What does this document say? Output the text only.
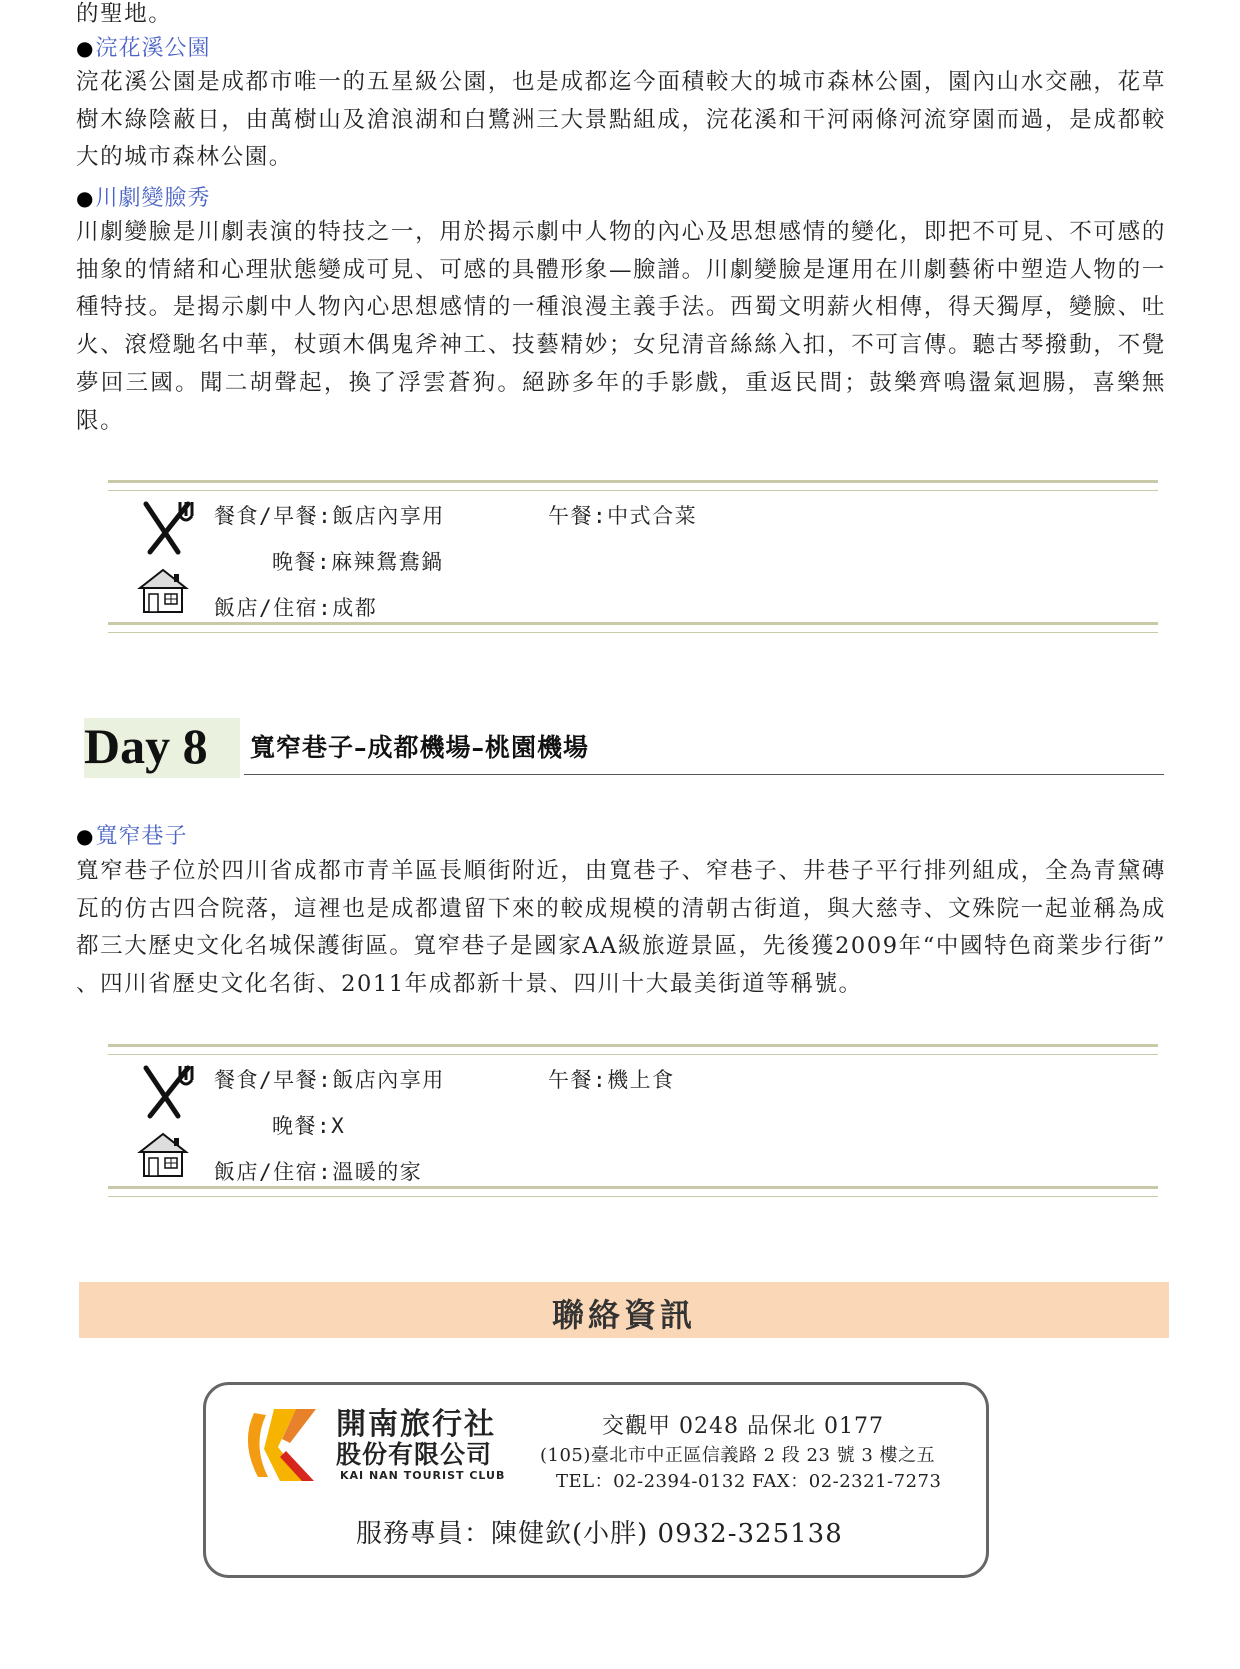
的聖地。
●浣花溪公園

浣花溪公園是成都市唯一的五星級公園，也是成都迄今面積較大的城市森林公園，園內山水交融，花草樹木綠陰蔽日，由萬樹山及滄浪湖和白鷺洲三大景點組成，浣花溪和干河兩條河流穿園而過，是成都較大的城市森林公園。

●川劇變臉秀

川劇變臉是川劇表演的特技之一，用於揭示劇中人物的內心及思想感情的變化，即把不可見、不可感的抽象的情緒和心理狀態變成可見、可感的具體形象—臉譜。川劇變臉是運用在川劇藝術中塑造人物的一種特技。是揭示劇中人物內心思想感情的一種浪漫主義手法。西蜀文明薪火相傳，得天獨厚，變臉、吐火、滾燈馳名中華，杖頭木偶鬼斧神工、技藝精妙；女兒清音絲絲入扣，不可言傳。聽古琴撥動，不覺夢回三國。聞二胡聲起，換了浮雲蒼狗。絕跡多年的手影戲，重返民間；鼓樂齊鳴盪氣迴腸，喜樂無限。

餐食/早餐:飯店內享用	午餐:中式合菜
晚餐:麻辣鴛鴦鍋
飯店/住宿:成都
Day 8 寬窄巷子–成都機場–桃園機場
●寬窄巷子

寬窄巷子位於四川省成都市青羊區長順街附近，由寬巷子、窄巷子、井巷子平行排列組成，全為青黛磚瓦的仿古四合院落，這裡也是成都遺留下來的較成規模的清朝古街道，與大慈寺、文殊院一起並稱為成都三大歷史文化名城保護街區。寬窄巷子是國家AA級旅遊景區，先後獲2009年“中國特色商業步行街” 、四川省歷史文化名街、2011年成都新十景、四川十大最美街道等稱號。

餐食/早餐:飯店內享用	午餐:機上食
晚餐:X
飯店/住宿:溫暖的家
聯絡資訊
開南旅行社
股份有限公司
KAI NAN TOURIST CLUB
交觀甲 0248 品保北 0177
(105)臺北市中正區信義路 2 段 23 號 3 樓之五
TEL：02-2394-0132 FAX：02-2321-7273
服務專員：陳健欽(小胖) 0932-325138
